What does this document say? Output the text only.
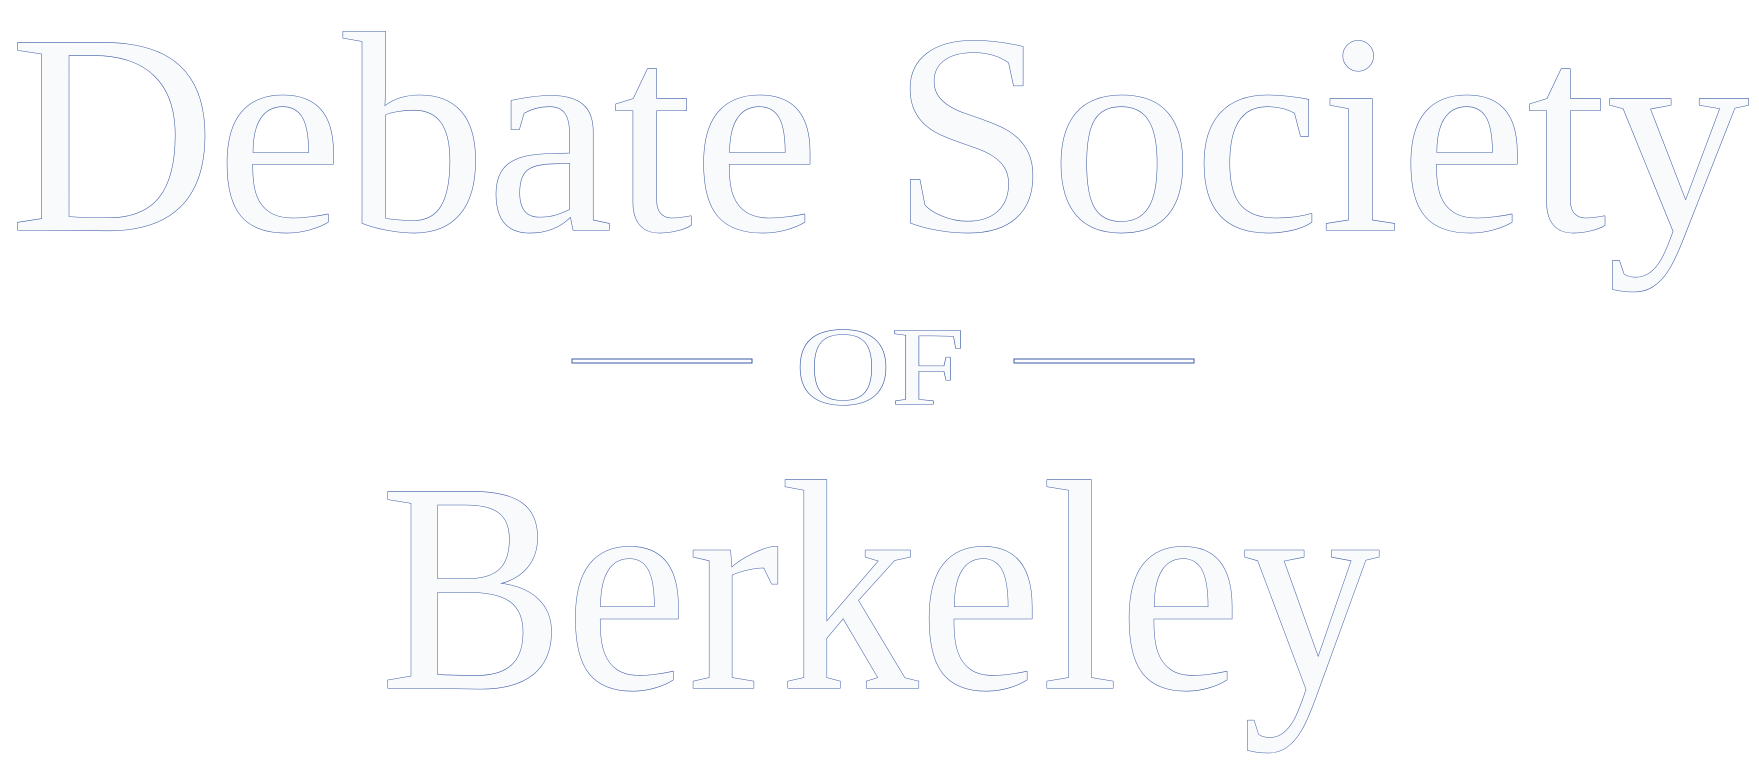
Debate Society
OF
Berkeley
